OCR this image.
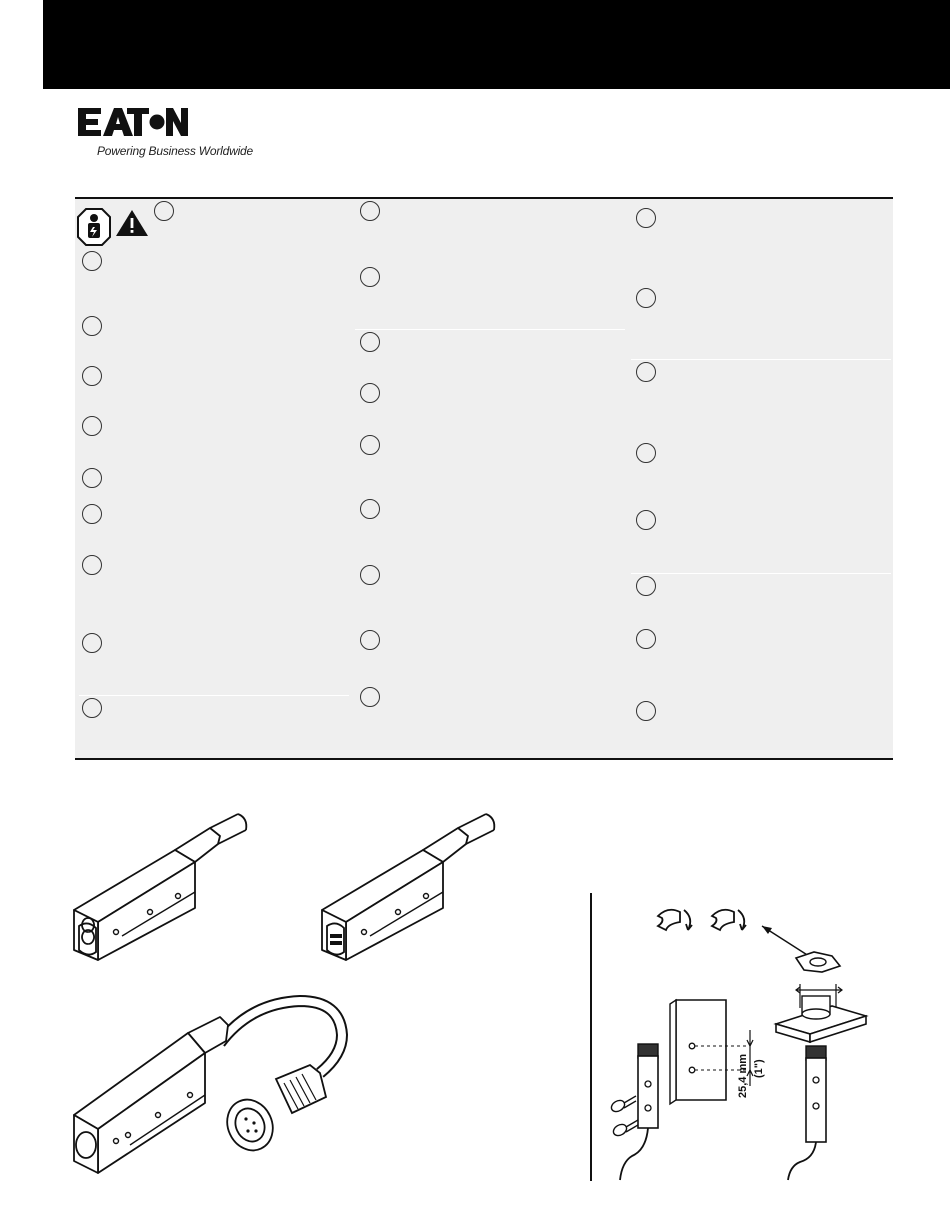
Powering Business Worldwide
25,4 mm (1")
